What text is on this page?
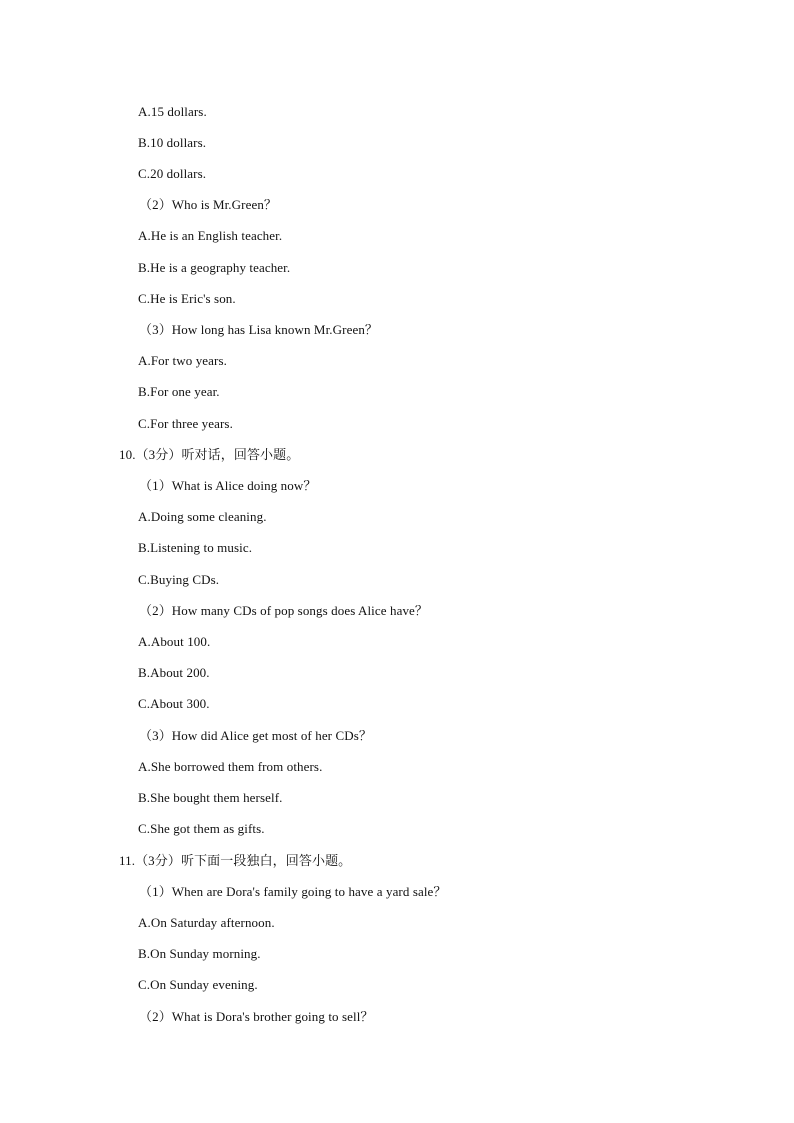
A.15 dollars.
B.10 dollars.
C.20 dollars.
（2）Who is Mr.Green？
A.He is an English teacher.
B.He is a geography teacher.
C.He is Eric's son.
（3）How long has Lisa known Mr.Green？
A.For two years.
B.For one year.
C.For three years.
10.（3分）听对话，回答小题。
（1）What is Alice doing now？
A.Doing some cleaning.
B.Listening to music.
C.Buying CDs.
（2）How many CDs of pop songs does Alice have？
A.About 100.
B.About 200.
C.About 300.
（3）How did Alice get most of her CDs？
A.She borrowed them from others.
B.She bought them herself.
C.She got them as gifts.
11.（3分）听下面一段独白，回答小题。
（1）When are Dora's family going to have a yard sale？
A.On Saturday afternoon.
B.On Sunday morning.
C.On Sunday evening.
（2）What is Dora's brother going to sell？
